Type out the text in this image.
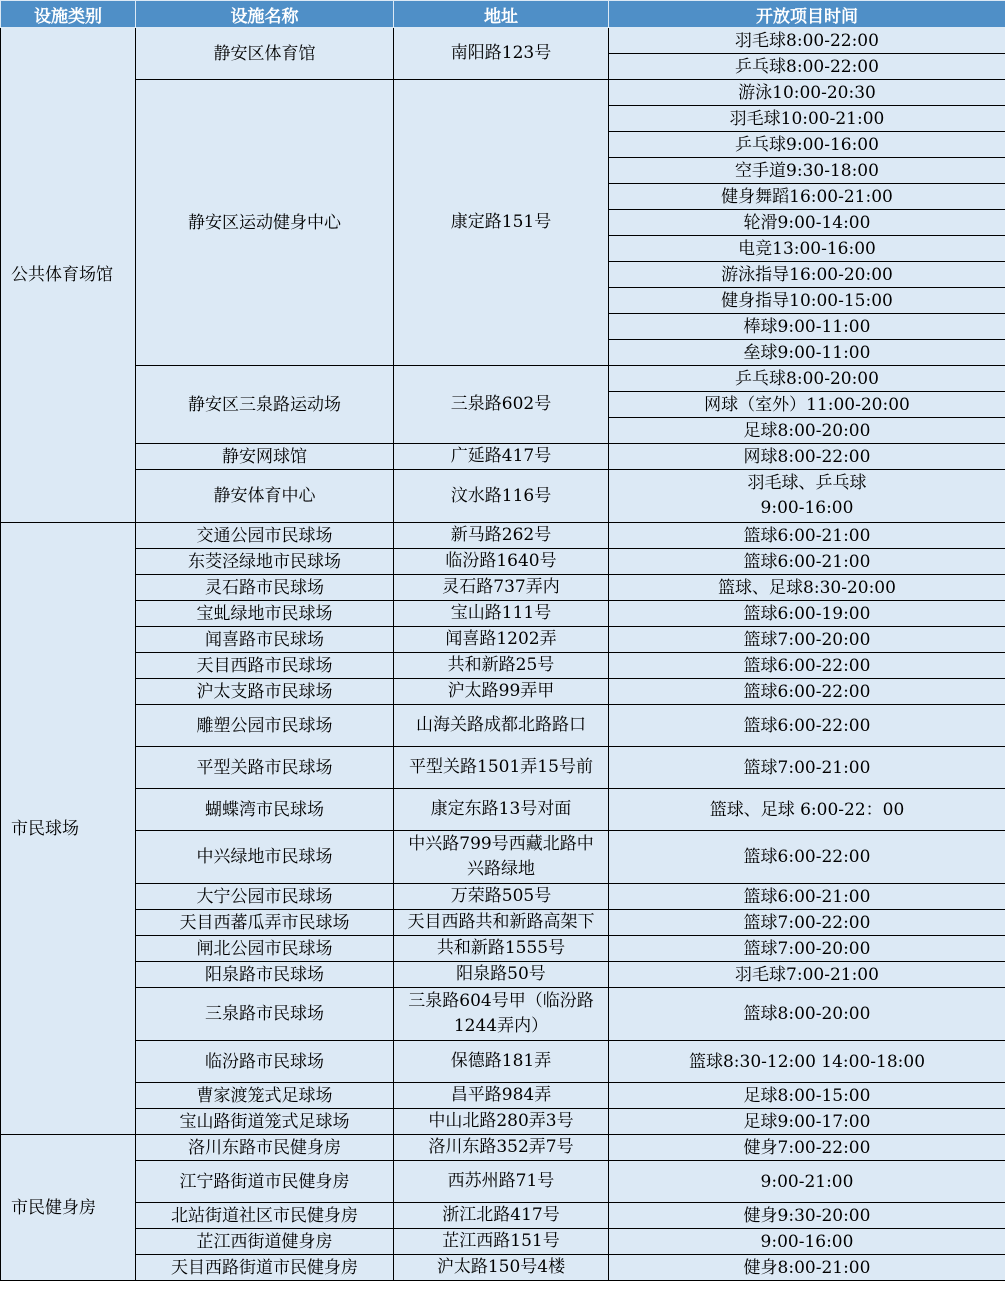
设施类别	设施名称	地址	开放项目时间
公共体育场馆	静安区体育馆	南阳路123号	羽毛球8:00-22:00
			乒乓球8:00-22:00
	静安区运动健身中心	康定路151号	游泳10:00-20:30
			羽毛球10:00-21:00
			乒乓球9:00-16:00
			空手道9:30-18:00
			健身舞蹈16:00-21:00
			轮滑9:00-14:00
			电竞13:00-16:00
			游泳指导16:00-20:00
			健身指导10:00-15:00
			棒球9:00-11:00
			垒球9:00-11:00
	静安区三泉路运动场	三泉路602号	乒乓球8:00-20:00
			网球（室外）11:00-20:00
			足球8:00-20:00
	静安网球馆	广延路417号	网球8:00-22:00
	静安体育中心	汶水路116号	羽毛球、乒乓球
9:00-16:00
市民球场	交通公园市民球场	新马路262号	篮球6:00-21:00
	东茭泾绿地市民球场	临汾路1640号	篮球6:00-21:00
	灵石路市民球场	灵石路737弄内	篮球、足球8:30-20:00
	宝虬绿地市民球场	宝山路111号	篮球6:00-19:00
	闻喜路市民球场	闻喜路1202弄	篮球7:00-20:00
	天目西路市民球场	共和新路25号	篮球6:00-22:00
	沪太支路市民球场	沪太路99弄甲	篮球6:00-22:00
	雕塑公园市民球场	山海关路成都北路路口	篮球6:00-22:00
	平型关路市民球场	平型关路1501弄15号前	篮球7:00-21:00
	蝴蝶湾市民球场	康定东路13号对面	篮球、足球 6:00-22：00
	中兴绿地市民球场	中兴路799号西藏北路中
兴路绿地	篮球6:00-22:00
	大宁公园市民球场	万荣路505号	篮球6:00-21:00
	天目西蕃瓜弄市民球场	天目西路共和新路高架下	篮球7:00-22:00
	闸北公园市民球场	共和新路1555号	篮球7:00-20:00
	阳泉路市民球场	阳泉路50号	羽毛球7:00-21:00
	三泉路市民球场	三泉路604号甲（临汾路
1244弄内）	篮球8:00-20:00
	临汾路市民球场	保德路181弄	篮球8:30-12:00 14:00-18:00
	曹家渡笼式足球场	昌平路984弄	足球8:00-15:00
	宝山路街道笼式足球场	中山北路280弄3号	足球9:00-17:00
市民健身房	洛川东路市民健身房	洛川东路352弄7号	健身7:00-22:00
	江宁路街道市民健身房	西苏州路71号	9:00-21:00
	北站街道社区市民健身房	浙江北路417号	健身9:30-20:00
	芷江西街道健身房	芷江西路151号	9:00-16:00
	天目西路街道市民健身房	沪太路150号4楼	健身8:00-21:00
